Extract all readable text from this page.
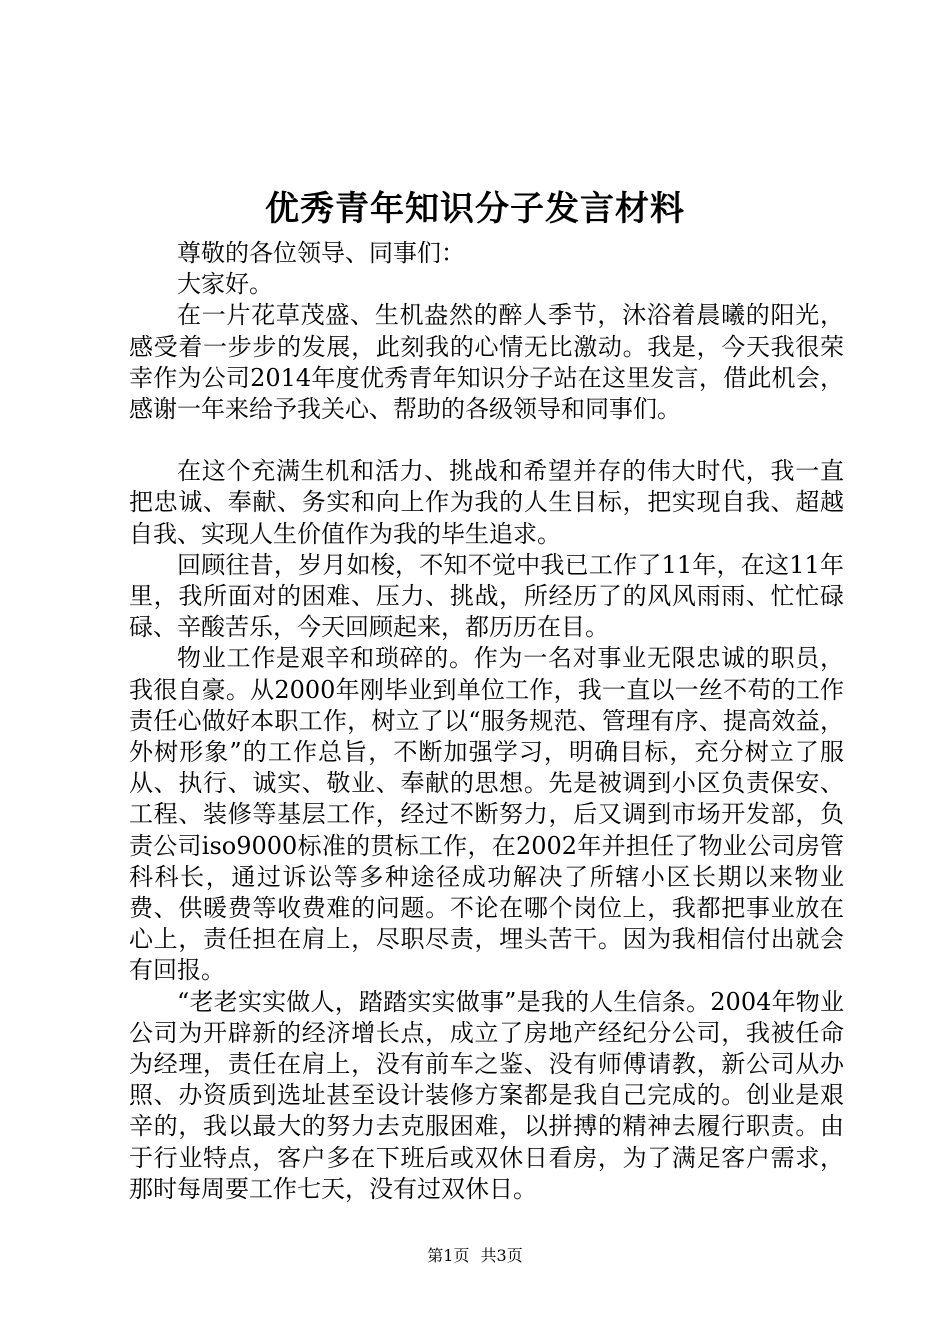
优秀青年知识分子发言材料

尊敬的各位领导、同事们：

大家好。

在一片花草茂盛、生机盎然的醉人季节，沐浴着晨曦的阳光，感受着一步步的发展，此刻我的心情无比激动。我是，今天我很荣幸作为公司2014年度优秀青年知识分子站在这里发言，借此机会，感谢一年来给予我关心、帮助的各级领导和同事们。

在这个充满生机和活力、挑战和希望并存的伟大时代，我一直把忠诚、奉献、务实和向上作为我的人生目标，把实现自我、超越自我、实现人生价值作为我的毕生追求。

回顾往昔，岁月如梭，不知不觉中我已工作了11年，在这11年里，我所面对的困难、压力、挑战，所经历了的风风雨雨、忙忙碌碌、辛酸苦乐，今天回顾起来，都历历在目。

物业工作是艰辛和琐碎的。作为一名对事业无限忠诚的职员，我很自豪。从2000年刚毕业到单位工作，我一直以一丝不苟的工作责任心做好本职工作，树立了以“服务规范、管理有序、提高效益，外树形象”的工作总旨，不断加强学习，明确目标，充分树立了服从、执行、诚实、敬业、奉献的思想。先是被调到小区负责保安、工程、装修等基层工作，经过不断努力，后又调到市场开发部，负责公司iso9000标准的贯标工作，在2002年并担任了物业公司房管科科长，通过诉讼等多种途径成功解决了所辖小区长期以来物业费、供暖费等收费难的问题。不论在哪个岗位上，我都把事业放在心上，责任担在肩上，尽职尽责，埋头苦干。因为我相信付出就会有回报。

“老老实实做人，踏踏实实做事”是我的人生信条。2004年物业公司为开辟新的经济增长点，成立了房地产经纪分公司，我被任命为经理，责任在肩上，没有前车之鉴、没有师傅请教，新公司从办照、办资质到选址甚至设计装修方案都是我自己完成的。创业是艰辛的，我以最大的努力去克服困难，以拼搏的精神去履行职责。由于行业特点，客户多在下班后或双休日看房，为了满足客户需求，那时每周要工作七天，没有过双休日。

第1页 共3页
